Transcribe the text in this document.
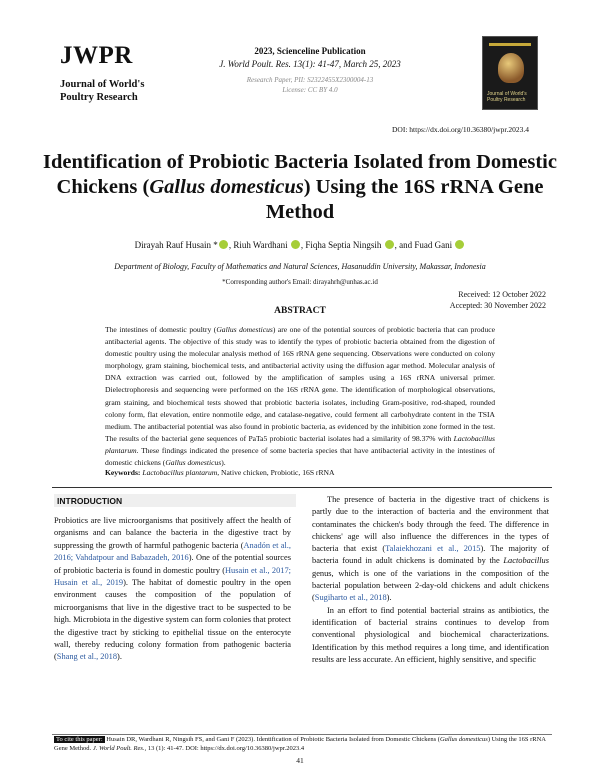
JWPR
Journal of World's
Poultry Research
2023, Scienceline Publication
J. World Poult. Res. 13(1): 41-47, March 25, 2023
Research Paper, PII: S2322455X2300004-13
License: CC BY 4.0	Journal of World's Poultry Research
DOI: https://dx.doi.org/10.36380/jwpr.2023.4
Identification of Probiotic Bacteria Isolated from Domestic Chickens (Gallus domesticus) Using the 16S rRNA Gene Method
Dirayah Rauf Husain * , Riuh Wardhani , Fiqha Septia Ningsih , and Fuad Gani
Department of Biology, Faculty of Mathematics and Natural Sciences, Hasanuddin University, Makassar, Indonesia
*Corresponding author's Email: dirayahrh@unhas.ac.id
Received: 12 October 2022
Accepted: 30 November 2022
ABSTRACT
The intestines of domestic poultry (Gallus domesticus) are one of the potential sources of probiotic bacteria that can produce antibacterial agents. The objective of this study was to identify the types of probiotic bacteria obtained from the digestion of domestic poultry using the molecular analysis method of 16S rRNA gene sequencing. Observations were conducted on colony morphology, gram staining, biochemical tests, and antibacterial activity using the diffusion agar method. Molecular analysis of DNA extraction was carried out, followed by the amplification of samples using a 16S rRNA universal primer. Dielectrophoresis and sequencing were performed on the 16S rRNA gene. The identification of morphological observations, gram staining, and biochemical tests showed that probiotic bacteria isolates, including Gram-positive, rod-shaped, rounded colony form, flat elevation, entire nonmotile edge, and catalase-negative, could ferment all carbohydrate content in the TSIA medium. The antibacterial potential was also found in probiotic bacteria, as evidenced by the inhibition zone formed in the test. The results of the bacterial gene sequences of PaTa5 probiotic bacterial isolates had a similarity of 98.37% with Lactobacillus plantarum. These findings indicated the presence of some bacteria species that have antibacterial activity in the intestines of domestic chickens (Gallus domesticus).
Keywords: Lactobacillus plantarum, Native chicken, Probiotic, 16S rRNA
INTRODUCTION
Probiotics are live microorganisms that positively affect the health of organisms and can balance the bacteria in the digestive tract by suppressing the growth of harmful pathogenic bacteria (Anadón et al., 2016; Vahdatpour and Babazadeh, 2016). One of the potential sources of probiotic bacteria is found in domestic poultry (Husain et al., 2017; Husain et al., 2019). The habitat of domestic poultry in the open environment causes the composition of the population of microorganisms that live in the digestive tract to be suspected to be high. Microbiota in the digestive system can form colonies that protect the digestive tract by sticking to epithelial tissue on the enterocyte wall, thereby reducing colony formation from pathogenic bacteria (Shang et al., 2018).

The presence of bacteria in the digestive tract of chickens is partly due to the interaction of bacteria and the environment that contaminates the chicken's body through the feed. The difference in chickens' age will also influence the differences in the types of bacteria that exist (Talaiekhozani et al., 2015). The majority of bacteria found in adult chickens is dominated by the Lactobacillus genus, which is one of the variations in the composition of the bacterial population between 2-day-old chickens and adult chickens (Sugiharto et al., 2018).

In an effort to find potential bacterial strains as antibiotics, the identification of bacterial strains continues to develop from conventional physiological and biochemical characterizations. Identification by this method requires a long time, and identification results are less accurate. An efficient, highly sensitive, and specific

To cite this paper: Husain DR, Wardhani R, Ningsih FS, and Gani F (2023). Identification of Probiotic Bacteria Isolated from Domestic Chickens (Gallus domesticus) Using the 16S rRNA Gene Method. J. World Poult. Res., 13 (1): 41-47. DOI: https://dx.doi.org/10.36380/jwpr.2023.4
41
